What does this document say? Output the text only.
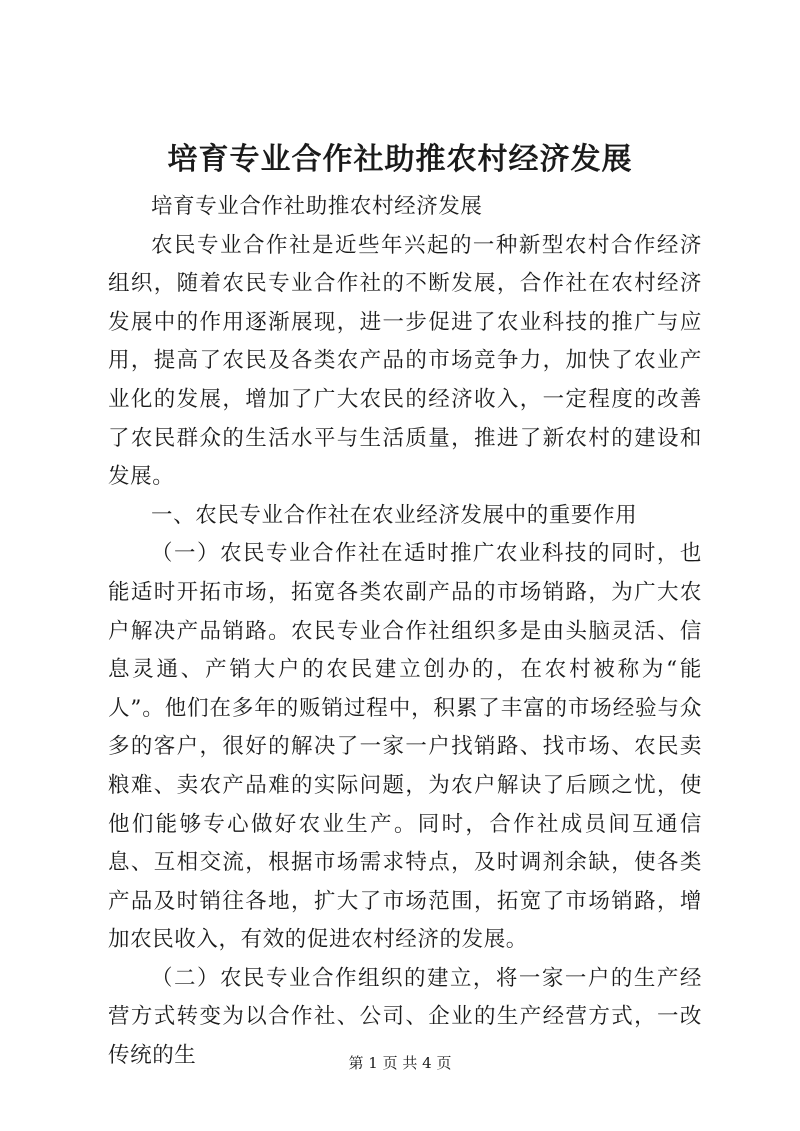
培育专业合作社助推农村经济发展

培育专业合作社助推农村经济发展

农民专业合作社是近些年兴起的一种新型农村合作经济组织，随着农民专业合作社的不断发展，合作社在农村经济发展中的作用逐渐展现，进一步促进了农业科技的推广与应用，提高了农民及各类农产品的市场竞争力，加快了农业产业化的发展，增加了广大农民的经济收入，一定程度的改善了农民群众的生活水平与生活质量，推进了新农村的建设和发展。

一、农民专业合作社在农业经济发展中的重要作用

（一）农民专业合作社在适时推广农业科技的同时，也能适时开拓市场，拓宽各类农副产品的市场销路，为广大农户解决产品销路。农民专业合作社组织多是由头脑灵活、信息灵通、产销大户的农民建立创办的，在农村被称为“能人”。他们在多年的贩销过程中，积累了丰富的市场经验与众多的客户，很好的解决了一家一户找销路、找市场、农民卖粮难、卖农产品难的实际问题，为农户解诀了后顾之忧，使他们能够专心做好农业生产。同时，合作社成员间互通信息、互相交流，根据市场需求特点，及时调剂余缺，使各类产品及时销往各地，扩大了市场范围，拓宽了市场销路，增加农民收入，有效的促进农村经济的发展。

（二）农民专业合作组织的建立，将一家一户的生产经营方式转变为以合作社、公司、企业的生产经营方式，一改传统的生	第 1 页 共 4 页
